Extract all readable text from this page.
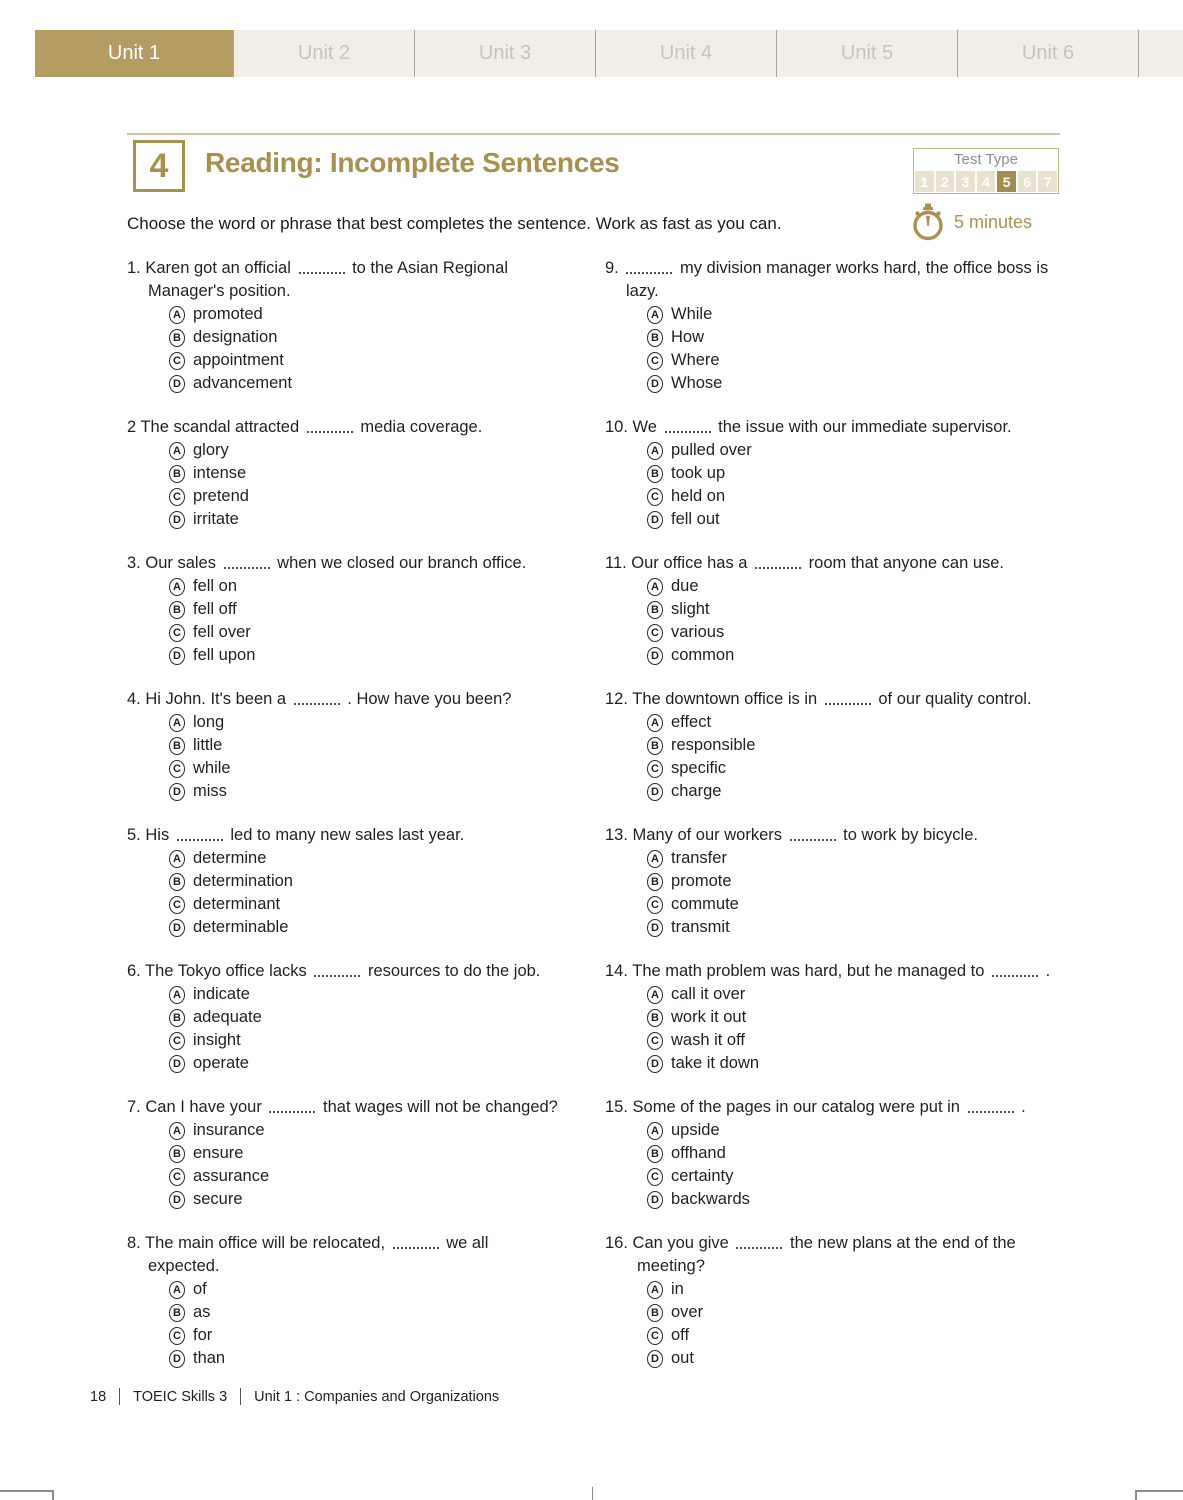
Unit 1	Unit 2	Unit 3	Unit 4	Unit 5	Unit 6
4 Reading: Incomplete Sentences	Test Type
1 2 3 4 5 6 7

Choose the word or phrase that best completes the sentence. Work as fast as you can.	5 minutes

1. Karen got an official	to the Asian Regional Manager's position.

A promoted
B designation
C appointment
D advancement

2 The scandal attracted	media coverage.

A glory
B intense
C pretend
D irritate

3. Our sales	when we closed our branch office.

A fell on
B fell off
C fell over
D fell upon

4. Hi John. It's been a	. How have you been?

A long
B little
C while
D miss

5. His	led to many new sales last year.

A determine
B determination
C determinant
D determinable

6. The Tokyo office lacks	resources to do the job.

A indicate
B adequate
C insight
D operate

7. Can I have your	that wages will not be changed?

A insurance
B ensure
C assurance
D secure

8. The main office will be relocated,	we all expected.

A of
B as
C for
D than

9.	my division manager works hard, the office boss is lazy.

A While
B How
C Where
D Whose

10. We	the issue with our immediate supervisor.

A pulled over
B took up
C held on
D fell out

11. Our office has a	room that anyone can use.

A due
B slight
C various
D common

12. The downtown office is in	of our quality control.

A effect
B responsible
C specific
D charge

13. Many of our workers	to work by bicycle.

A transfer
B promote
C commute
D transmit

14. The math problem was hard, but he managed to	.

A call it over
B work it out
C wash it off
D take it down

15. Some of the pages in our catalog were put in	.

A upside
B offhand
C certainty
D backwards

16. Can you give	the new plans at the end of the meeting?

A in
B over
C off
D out
18 TOEIC Skills 3 Unit 1 : Companies and Organizations
